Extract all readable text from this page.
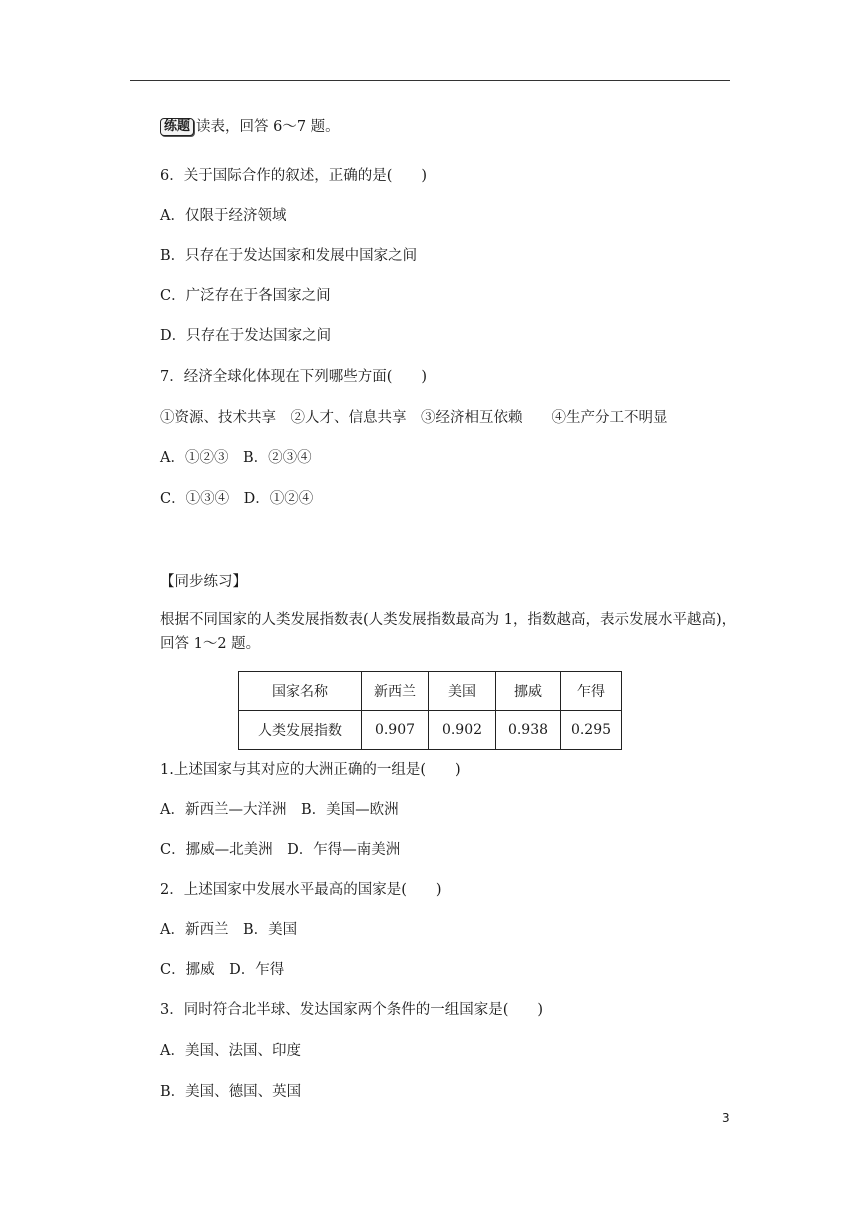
练题 读表，回答 6～7 题。
6．关于国际合作的叙述，正确的是(　　)
A．仅限于经济领域
B．只存在于发达国家和发展中国家之间
C．广泛存在于各国家之间
D．只存在于发达国家之间
7．经济全球化体现在下列哪些方面(　　)
①资源、技术共享　②人才、信息共享　③经济相互依赖　　④生产分工不明显
A．①②③　B．②③④
C．①③④　D．①②④
【同步练习】
根据不同国家的人类发展指数表(人类发展指数最高为 1，指数越高，表示发展水平越高)，回答 1～2 题。
国家名称	新西兰	美国	挪威	乍得
人类发展指数	0.907	0.902	0.938	0.295
1.上述国家与其对应的大洲正确的一组是(　　)
A．新西兰—大洋洲　B．美国—欧洲
C．挪威—北美洲　D．乍得—南美洲
2．上述国家中发展水平最高的国家是(　　)
A．新西兰　B．美国
C．挪威　D．乍得
3．同时符合北半球、发达国家两个条件的一组国家是(　　)
A．美国、法国、印度
B．美国、德国、英国
3
